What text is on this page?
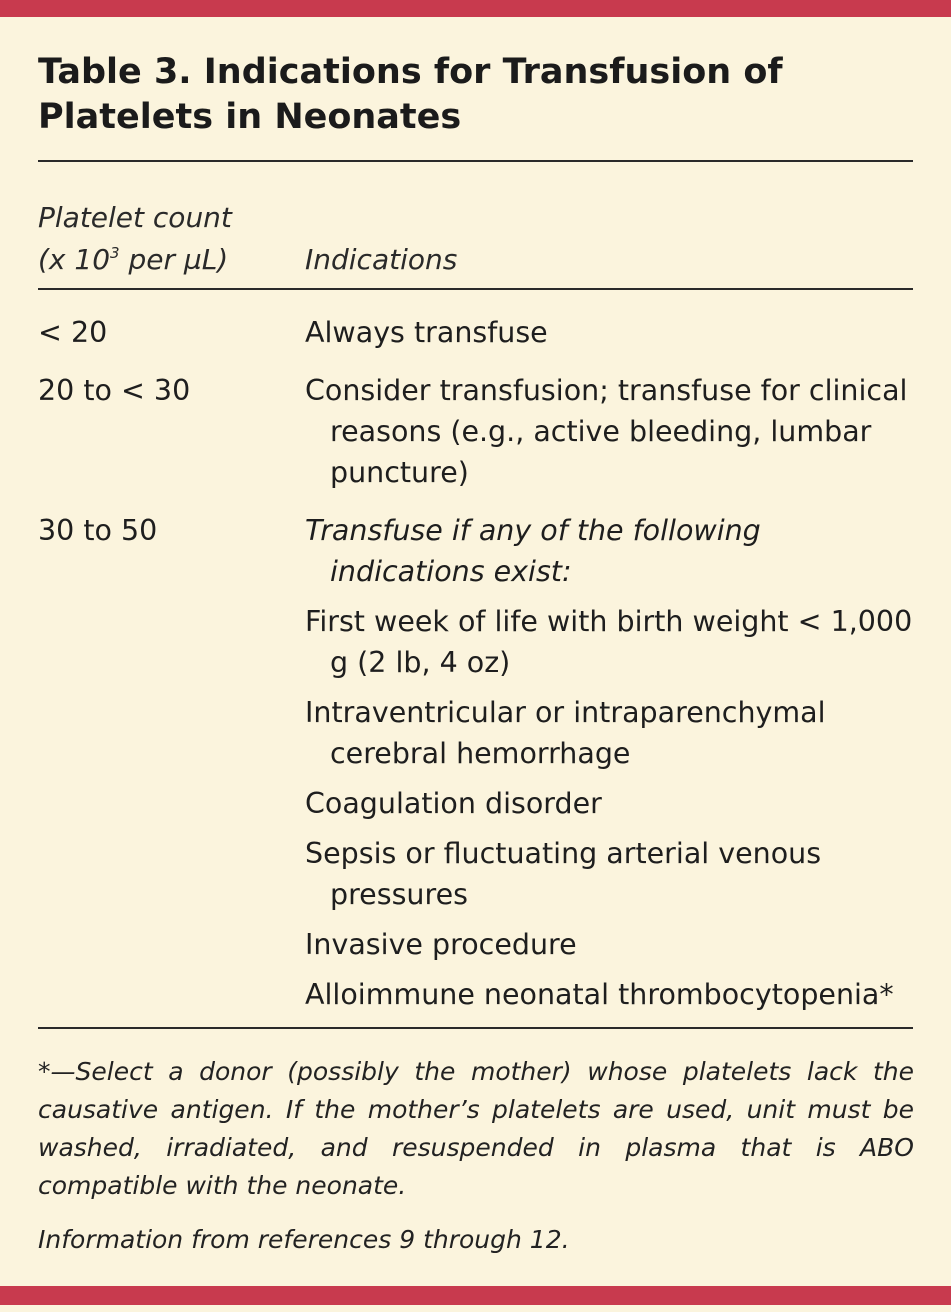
Table 3. Indications for Transfusion of Platelets in Neonates
Platelet count
(x $10^3$ per µL)	Indications
< 20	Always transfuse
20 to < 30	Consider transfusion; transfuse for clinical reasons (e.g., active bleeding, lumbar puncture)
30 to 50	Transfuse if any of the following indications exist:
First week of life with birth weight < 1,000 g (2 lb, 4 oz)
Intraventricular or intraparenchymal cerebral hemorrhage
Coagulation disorder
Sepsis or fluctuating arterial venous pressures
Invasive procedure
Alloimmune neonatal thrombocytopenia*

*—Select a donor (possibly the mother) whose platelets lack the causative antigen. If the mother’s platelets are used, unit must be washed, irradiated, and resuspended in plasma that is ABO compatible with the neonate.

Information from references 9 through 12.
